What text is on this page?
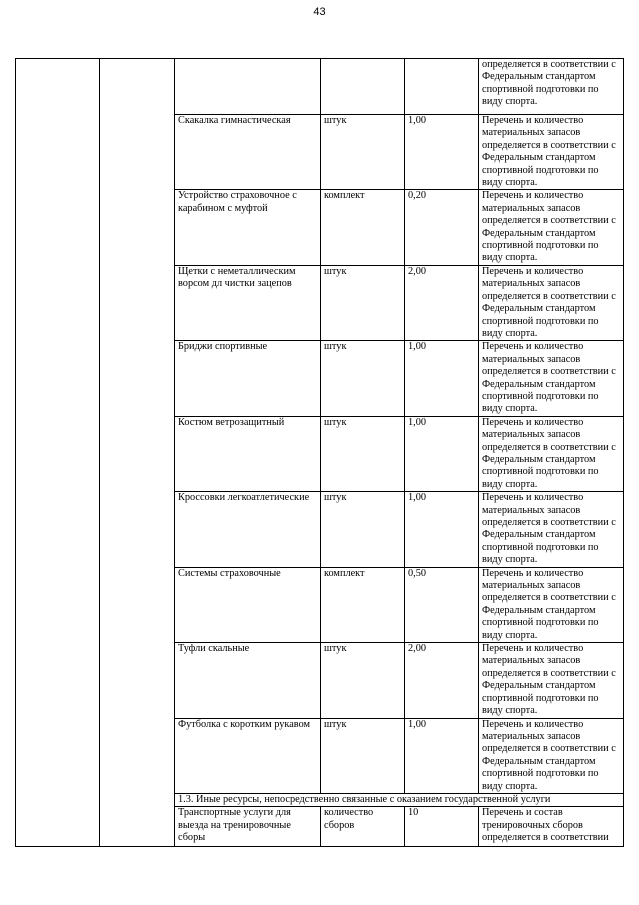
43
					определяется в соответствии с Федеральным стандартом спортивной подготовки по виду спорта.
		Скакалка гимнастическая	штук	1,00	Перечень и количество материальных запасов определяется в соответствии с Федеральным стандартом спортивной подготовки по виду спорта.
		Устройство страховочное с карабином с муфтой	комплект	0,20	Перечень и количество материальных запасов определяется в соответствии с Федеральным стандартом спортивной подготовки по виду спорта.
		Щетки с неметаллическим ворсом дл чистки зацепов	штук	2,00	Перечень и количество материальных запасов определяется в соответствии с Федеральным стандартом спортивной подготовки по виду спорта.
		Бриджи спортивные	штук	1,00	Перечень и количество материальных запасов определяется в соответствии с Федеральным стандартом спортивной подготовки по виду спорта.
		Костюм ветрозащитный	штук	1,00	Перечень и количество материальных запасов определяется в соответствии с Федеральным стандартом спортивной подготовки по виду спорта.
		Кроссовки легкоатлетические	штук	1,00	Перечень и количество материальных запасов определяется в соответствии с Федеральным стандартом спортивной подготовки по виду спорта.
		Системы страховочные	комплект	0,50	Перечень и количество материальных запасов определяется в соответствии с Федеральным стандартом спортивной подготовки по виду спорта.
		Туфли скальные	штук	2,00	Перечень и количество материальных запасов определяется в соответствии с Федеральным стандартом спортивной подготовки по виду спорта.
		Футболка с коротким рукавом	штук	1,00	Перечень и количество материальных запасов определяется в соответствии с Федеральным стандартом спортивной подготовки по виду спорта.
		1.3. Иные ресурсы, непосредственно связанные с оказанием государственной услуги			
		Транспортные услуги для выезда на тренировочные сборы	количество сборов	10	Перечень и состав тренировочных сборов определяется в соответствии
